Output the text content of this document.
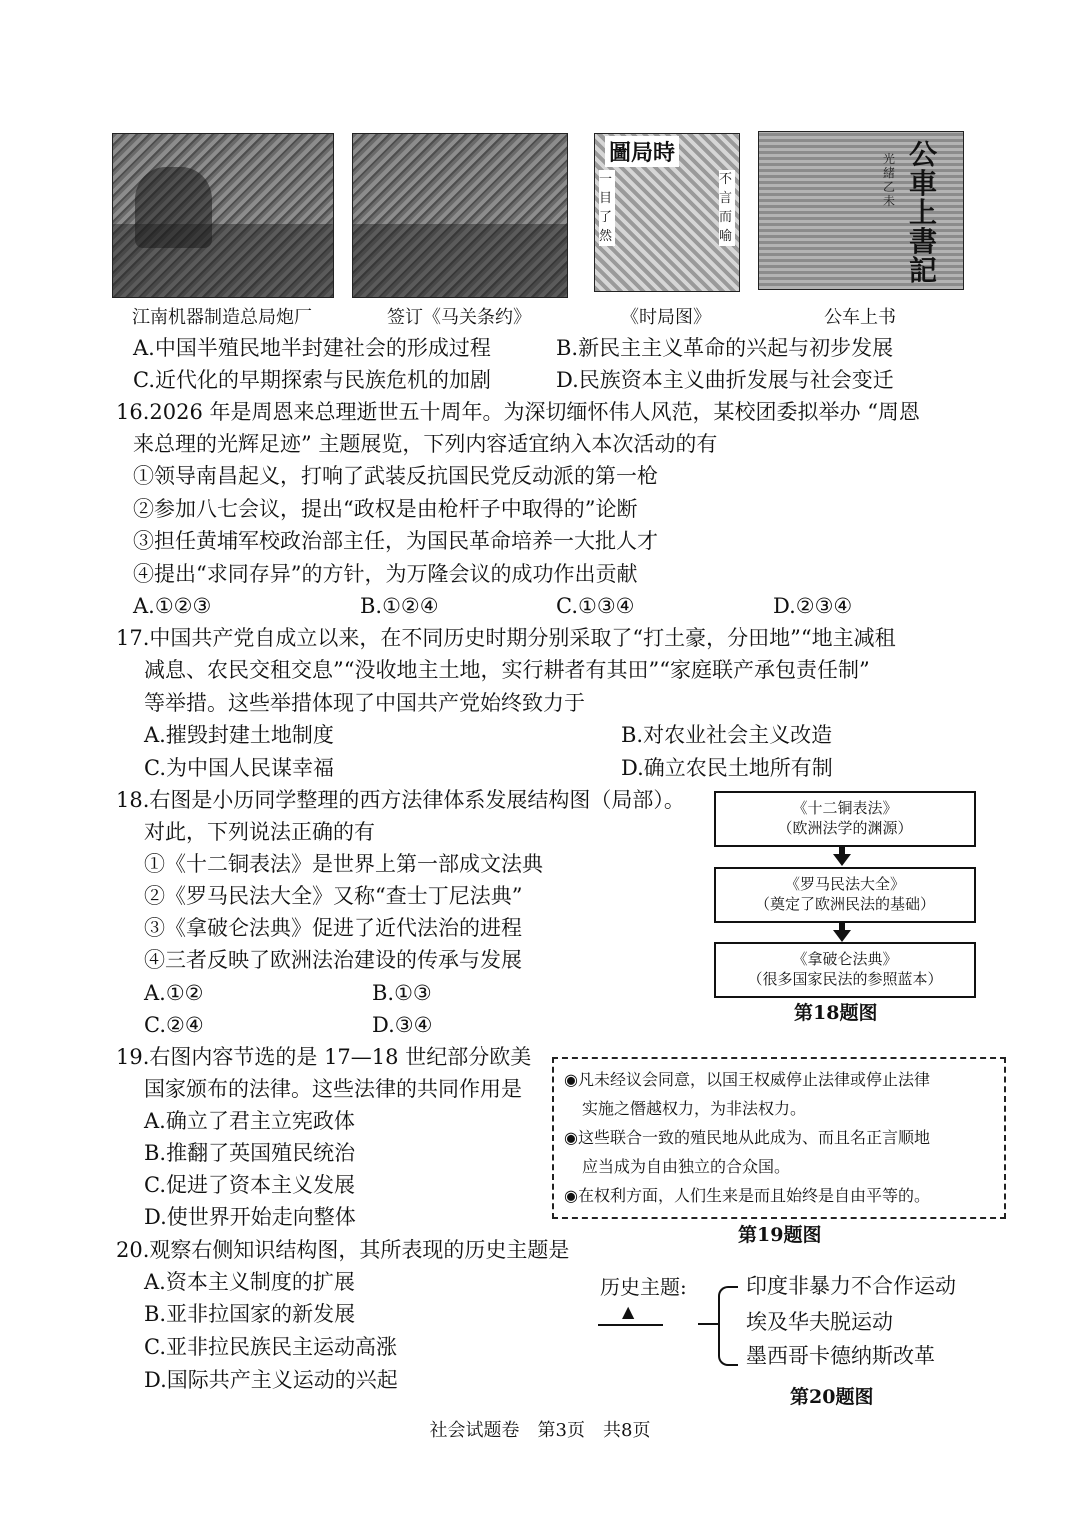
圖局時
一目了然
不言而喻
公車上書記
光緒乙未
江南机器制造总局炮厂	签订《马关条约》	《时局图》	公车上书
A.中国半殖民地半封建社会的形成过程	B.新民主主义革命的兴起与初步发展
C.近代化的早期探索与民族危机的加剧	D.民族资本主义曲折发展与社会变迁
16.2026 年是周恩来总理逝世五十周年。为深切缅怀伟人风范，某校团委拟举办 “周恩
来总理的光辉足迹” 主题展览，下列内容适宜纳入本次活动的有
①领导南昌起义，打响了武装反抗国民党反动派的第一枪
②参加八七会议，提出“政权是由枪杆子中取得的”论断
③担任黄埔军校政治部主任，为国民革命培养一大批人才
④提出“求同存异”的方针，为万隆会议的成功作出贡献
A.①②③	B.①②④	C.①③④	D.②③④
17.中国共产党自成立以来，在不同历史时期分别采取了“打土豪，分田地”“地主减租
减息、农民交租交息”“没收地主土地，实行耕者有其田”“家庭联产承包责任制”
等举措。这些举措体现了中国共产党始终致力于
A.摧毁封建土地制度	B.对农业社会主义改造
C.为中国人民谋幸福	D.确立农民土地所有制
18.右图是小历同学整理的西方法律体系发展结构图（局部）。
对此，下列说法正确的有
①《十二铜表法》是世界上第一部成文法典
②《罗马民法大全》又称“查士丁尼法典”
③《拿破仑法典》促进了近代法治的进程
④三者反映了欧洲法治建设的传承与发展
A.①②	B.①③
C.②④	D.③④
《十二铜表法》
（欧洲法学的渊源）
《罗马民法大全》
（奠定了欧洲民法的基础）
《拿破仑法典》
（很多国家民法的参照蓝本）
第18题图
19.右图内容节选的是 17—18 世纪部分欧美
国家颁布的法律。这些法律的共同作用是
A.确立了君主立宪政体
B.推翻了英国殖民统治
C.促进了资本主义发展
D.使世界开始走向整体
◉凡未经议会同意，以国王权威停止法律或停止法律
实施之僭越权力，为非法权力。
◉这些联合一致的殖民地从此成为、而且名正言顺地
应当成为自由独立的合众国。
◉在权利方面，人们生来是而且始终是自由平等的。
第19题图
20.观察右侧知识结构图，其所表现的历史主题是
A.资本主义制度的扩展
B.亚非拉国家的新发展
C.亚非拉民族民主运动高涨
D.国际共产主义运动的兴起
历史主题:
▲
印度非暴力不合作运动
埃及华夫脱运动
墨西哥卡德纳斯改革
第20题图
社会试题卷　第3页　共8页
